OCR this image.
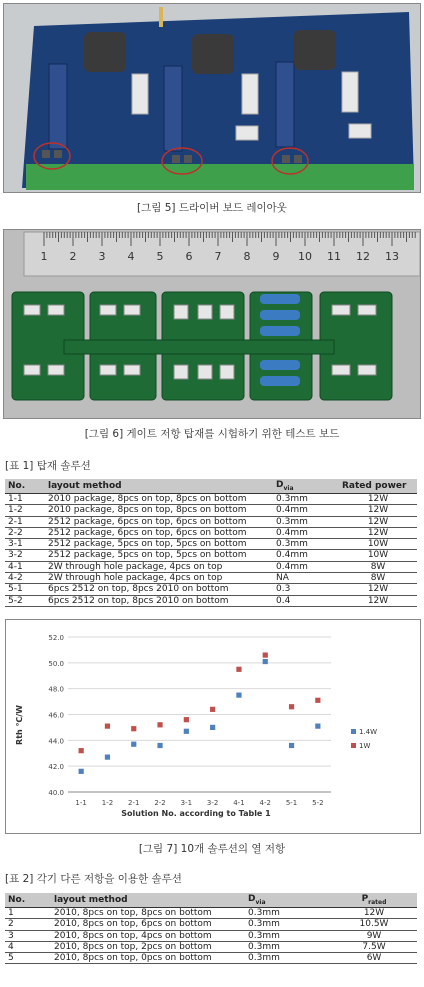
[그림 5] 드라이버 보드 레이아웃
1 2 3 4 5 6 7 8 9 10 11 12 13
[그림 6] 게이트 저항 탑재를 시험하기 위한 테스트 보드
[표 1] 탑재 솔루션
No.	layout method	$D_{via}$	Rated power
1-1	2010 package, 8pcs on top, 8pcs on bottom	0.3mm	12W
1-2	2010 package, 8pcs on top, 8pcs on bottom	0.4mm	12W
2-1	2512 package, 6pcs on top, 6pcs on bottom	0.3mm	12W
2-2	2512 package, 6pcs on top, 6pcs on bottom	0.4mm	12W
3-1	2512 package, 5pcs on top, 5pcs on bottom	0.3mm	10W
3-2	2512 package, 5pcs on top, 5pcs on bottom	0.4mm	10W
4-1	2W through hole package, 4pcs on top	0.4mm	8W
4-2	2W through hole package, 4pcs on top	NA	8W
5-1	6pcs 2512 on top, 8pcs 2010 on bottom	0.3	12W
5-2	6pcs 2512 on top, 8pcs 2010 on bottom	0.4	12W
40.0
42.0
44.0
46.0
48.0
50.0
52.0
1-1 1-2 2-1 2-2 3-1 3-2 4-1 4-2 5-1 5-2
Rth ℃/W
Solution No. according to Table 1
1.4W
1W
[그림 7] 10개 솔루션의 열 저항
[표 2] 각기 다른 저항을 이용한 솔루션
No.	layout method	$D_{via}$	$P_{rated}$
1	2010, 8pcs on top, 8pcs on bottom	0.3mm	12W
2	2010, 8pcs on top, 6pcs on bottom	0.3mm	10.5W
3	2010, 8pcs on top, 4pcs on bottom	0.3mm	9W
4	2010, 8pcs on top, 2pcs on bottom	0.3mm	7.5W
5	2010, 8pcs on top, 0pcs on bottom	0.3mm	6W
